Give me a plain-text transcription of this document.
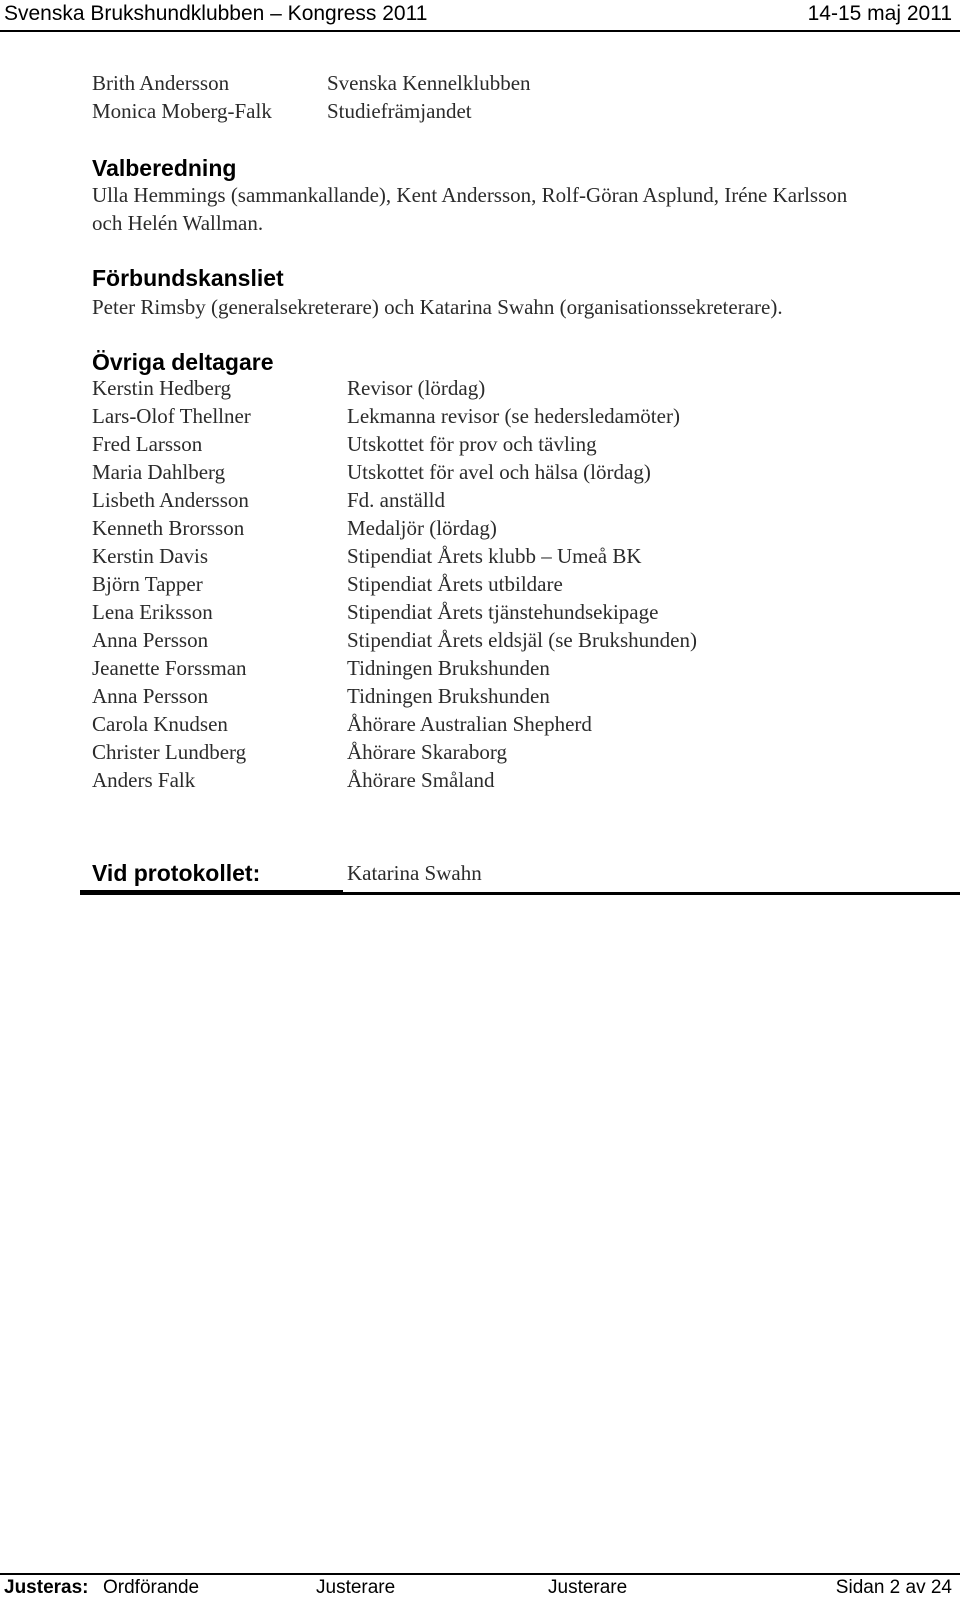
Svenska Brukshundklubben – Kongress 2011	14-15 maj 2011
Brith Andersson	Svenska Kennelklubben
Monica Moberg-Falk	Studiefrämjandet
Valberedning
Ulla Hemmings (sammankallande), Kent Andersson, Rolf-Göran Asplund, Iréne Karlsson och Helén Wallman.
Förbundskansliet
Peter Rimsby (generalsekreterare) och Katarina Swahn (organisationssekreterare).
Övriga deltagare
Kerstin Hedberg	Revisor (lördag)
Lars-Olof Thellner	Lekmanna revisor (se hedersledamöter)
Fred Larsson	Utskottet för prov och tävling
Maria Dahlberg	Utskottet för avel och hälsa (lördag)
Lisbeth Andersson	Fd. anställd
Kenneth Brorsson	Medaljör (lördag)
Kerstin Davis	Stipendiat Årets klubb – Umeå BK
Björn Tapper	Stipendiat Årets utbildare
Lena Eriksson	Stipendiat Årets tjänstehundsekipage
Anna Persson	Stipendiat Årets eldsjäl (se Brukshunden)
Jeanette Forssman	Tidningen Brukshunden
Anna Persson	Tidningen Brukshunden
Carola Knudsen	Åhörare Australian Shepherd
Christer Lundberg	Åhörare Skaraborg
Anders Falk	Åhörare Småland
Vid protokollet:	Katarina Swahn
Justeras: Ordförande	Justerare	Justerare	Sidan 2 av 24
